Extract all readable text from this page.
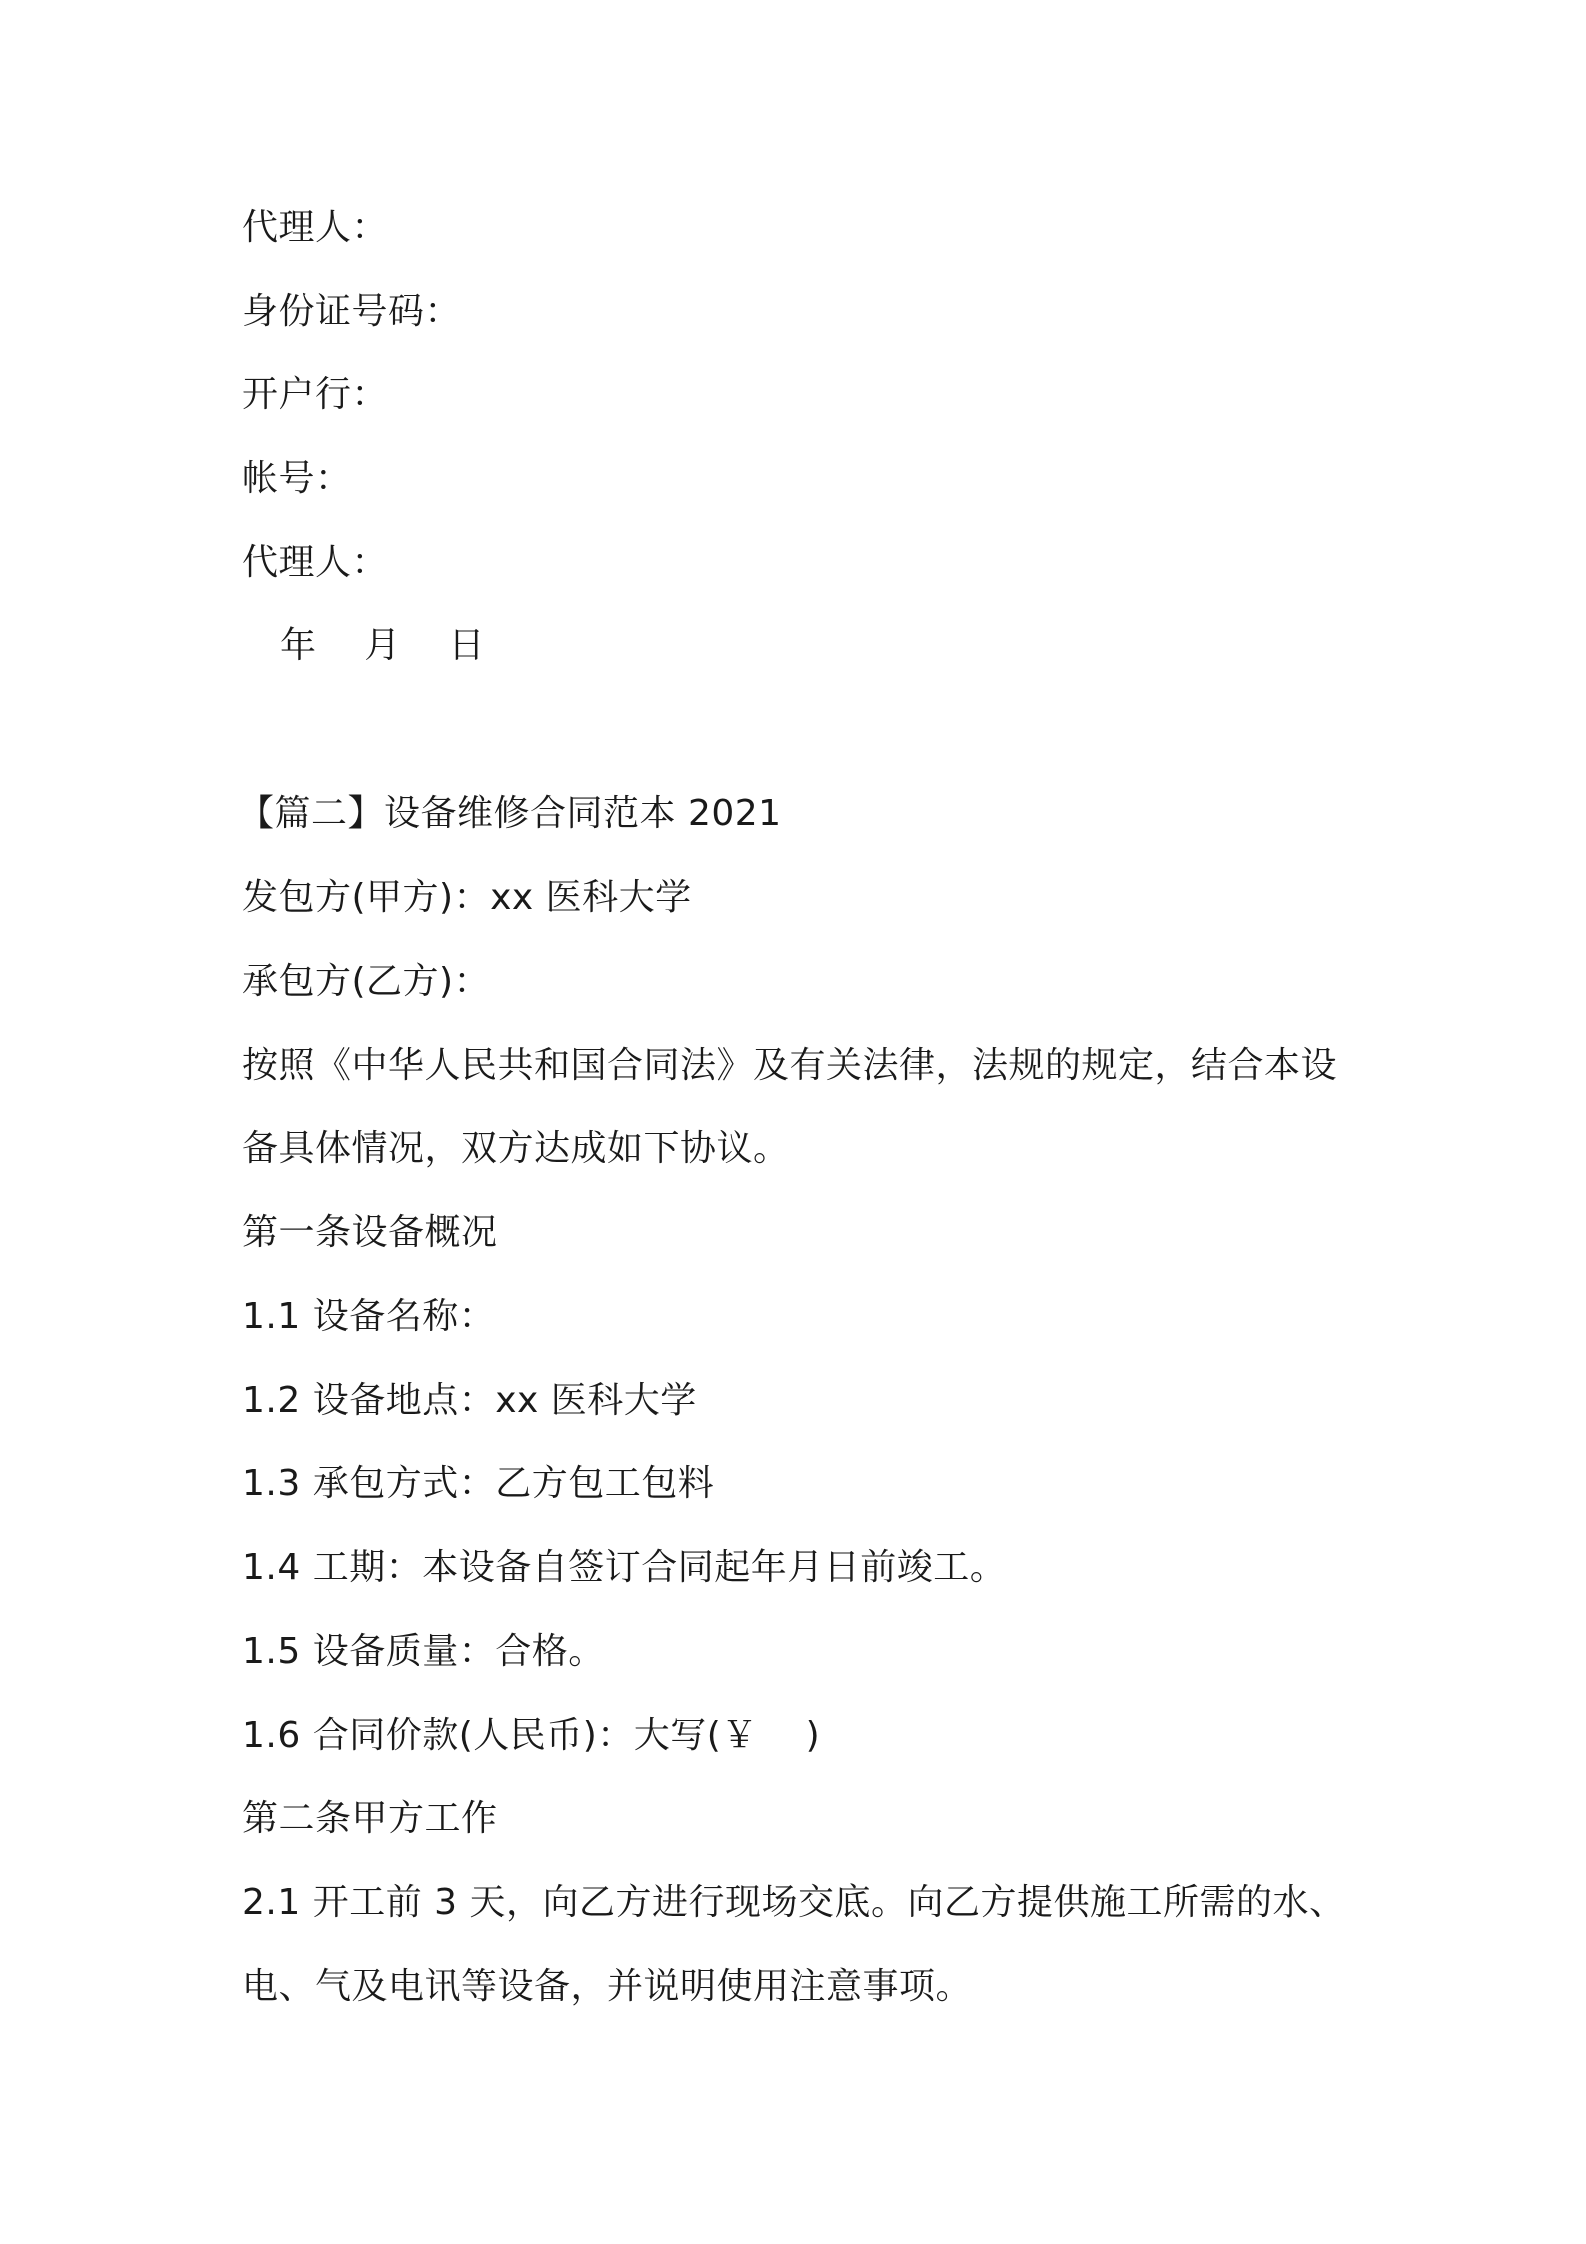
代理人：
身份证号码：
开户行：
帐号：
代理人：
年    月    日
【篇二】设备维修合同范本 2021
发包方(甲方)：xx 医科大学
承包方(乙方)：
按照《中华人民共和国合同法》及有关法律，法规的规定，结合本设
备具体情况，双方达成如下协议。
第一条设备概况
1.1 设备名称：
1.2 设备地点：xx 医科大学
1.3 承包方式：乙方包工包料
1.4 工期：本设备自签订合同起年月日前竣工。
1.5 设备质量：合格。
1.6 合同价款(人民币)：大写(￥    )
第二条甲方工作
2.1 开工前 3 天，向乙方进行现场交底。向乙方提供施工所需的水、
电、气及电讯等设备，并说明使用注意事项。
